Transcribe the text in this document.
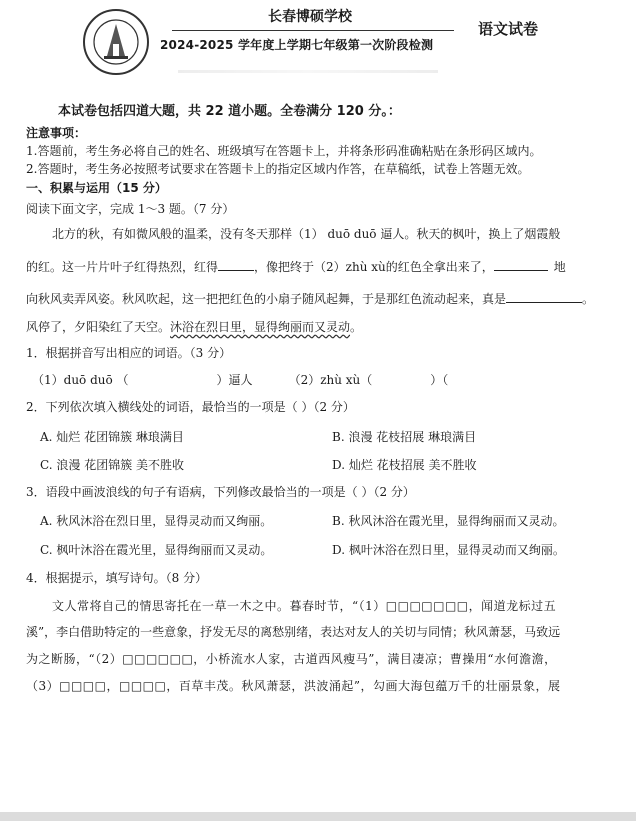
长春博硕学校
2024-2025 学年度上学期七年级第一次阶段检测
语文试卷
本试卷包括四道大题，共 22 道小题。全卷满分 120 分。：
注意事项：
1.答题前，考生务必将自己的姓名、班级填写在答题卡上，并将条形码准确粘贴在条形码区域内。
2.答题时，考生务必按照考试要求在答题卡上的指定区域内作答，在草稿纸，试卷上答题无效。
一、积累与运用（15 分）
阅读下面文字，完成 1～3 题。（7 分）
北方的秋，有如微风般的温柔，没有冬天那样（1） duō duō 逼人。秋天的枫叶，换上了烟霞般
的红。这一片片叶子红得热烈，红得	，像把终于（2）zhù xù的红色全拿出来了，	地
向秋风卖弄风姿。秋风吹起，这一把把红色的小扇子随风起舞，于是那红色流动起来，真是	。
风停了，夕阳染红了天空。沐浴在烈日里，显得绚丽而又灵动。
1．根据拼音写出相应的词语。（3 分）
（1）duō duō （	）逼人	（2）zhù xù（	）（
2．下列依次填入横线处的词语，最恰当的一项是（ ）（2 分）
A. 灿烂 花团锦簇 琳琅满目	B. 浪漫 花枝招展 琳琅满目
C. 浪漫 花团锦簇 美不胜收	D. 灿烂 花枝招展 美不胜收
3．语段中画波浪线的句子有语病，下列修改最恰当的一项是（ ）（2 分）
A. 秋风沐浴在烈日里，显得灵动而又绚丽。	B. 秋风沐浴在霞光里，显得绚丽而又灵动。
C. 枫叶沐浴在霞光里，显得绚丽而又灵动。	D. 枫叶沐浴在烈日里，显得灵动而又绚丽。
4．根据提示，填写诗句。（8 分）
文人常将自己的情思寄托在一草一木之中。暮春时节，“（1）□□□□□□□，闻道龙标过五
溪”，李白借助特定的一些意象，抒发无尽的离愁别绪，表达对友人的关切与同情；秋风萧瑟，马致远
为之断肠，“（2）□□□□□□，小桥流水人家，古道西风瘦马”，满目凄凉；曹操用“水何澹澹，
（3）□□□□，□□□□，百草丰茂。秋风萧瑟，洪波涌起”，勾画大海包蕴万千的壮丽景象，展
